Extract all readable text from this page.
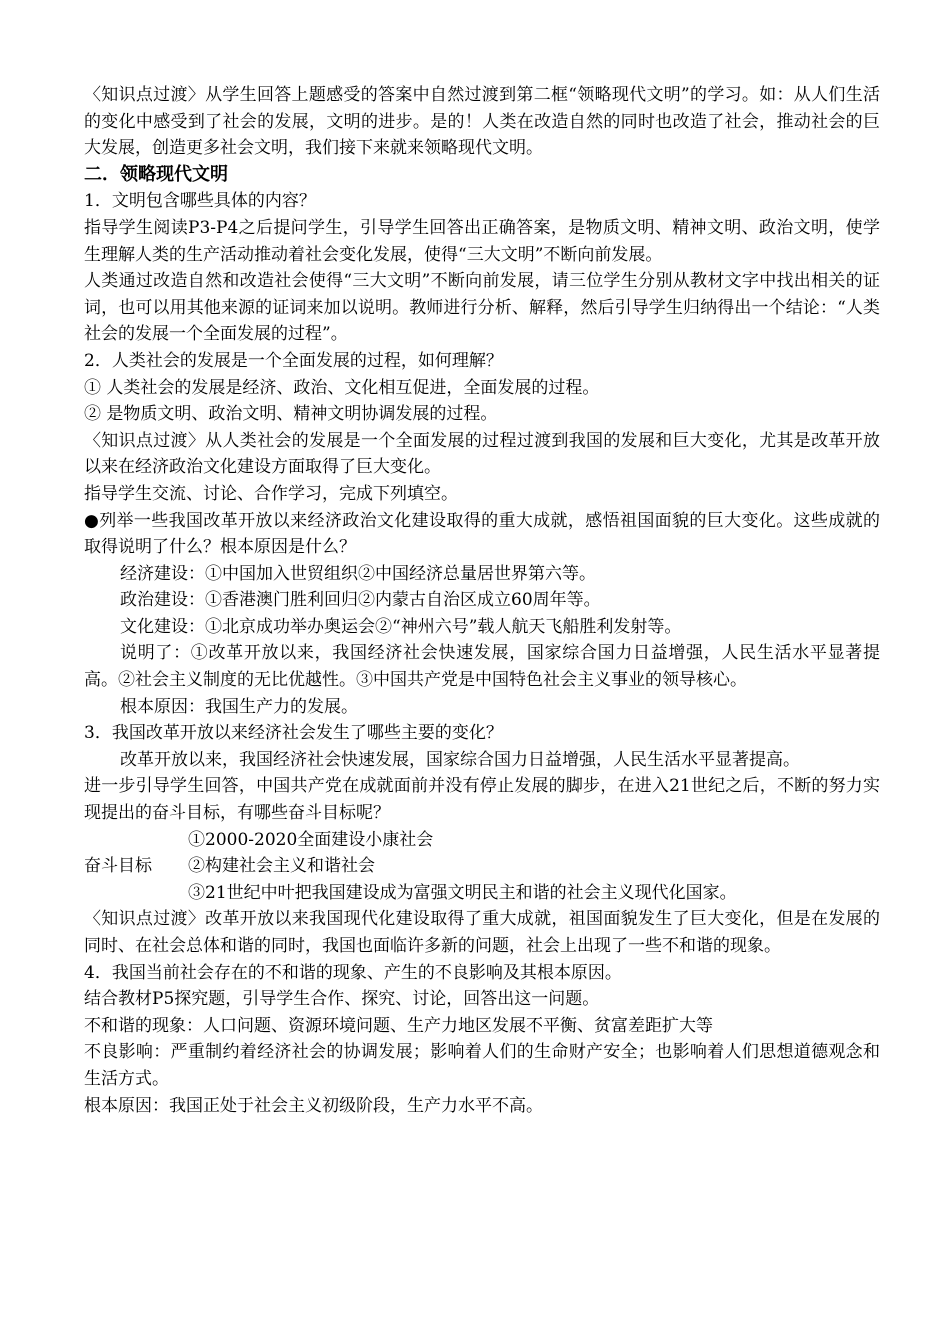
〈知识点过渡〉从学生回答上题感受的答案中自然过渡到第二框“领略现代文明”的学习。如：从人们生活的变化中感受到了社会的发展，文明的进步。是的！人类在改造自然的同时也改造了社会，推动社会的巨大发展，创造更多社会文明，我们接下来就来领略现代文明。

二．领略现代文明

1．文明包含哪些具体的内容？

指导学生阅读P3-P4之后提问学生，引导学生回答出正确答案，是物质文明、精神文明、政治文明，使学生理解人类的生产活动推动着社会变化发展，使得“三大文明”不断向前发展。

人类通过改造自然和改造社会使得“三大文明”不断向前发展，请三位学生分别从教材文字中找出相关的证词，也可以用其他来源的证词来加以说明。教师进行分析、解释，然后引导学生归纳得出一个结论：“人类社会的发展一个全面发展的过程”。

2．人类社会的发展是一个全面发展的过程，如何理解？

① 人类社会的发展是经济、政治、文化相互促进，全面发展的过程。

② 是物质文明、政治文明、精神文明协调发展的过程。

〈知识点过渡〉从人类社会的发展是一个全面发展的过程过渡到我国的发展和巨大变化，尤其是改革开放以来在经济政治文化建设方面取得了巨大变化。

指导学生交流、讨论、合作学习，完成下列填空。

●列举一些我国改革开放以来经济政治文化建设取得的重大成就，感悟祖国面貌的巨大变化。这些成就的取得说明了什么？根本原因是什么？

经济建设：①中国加入世贸组织②中国经济总量居世界第六等。

政治建设：①香港澳门胜利回归②内蒙古自治区成立60周年等。

文化建设：①北京成功举办奥运会②“神州六号”载人航天飞船胜利发射等。

说明了：①改革开放以来，我国经济社会快速发展，国家综合国力日益增强，人民生活水平显著提高。②社会主义制度的无比优越性。③中国共产党是中国特色社会主义事业的领导核心。

根本原因：我国生产力的发展。

3．我国改革开放以来经济社会发生了哪些主要的变化？

改革开放以来，我国经济社会快速发展，国家综合国力日益增强，人民生活水平显著提高。

进一步引导学生回答，中国共产党在成就面前并没有停止发展的脚步，在进入21世纪之后，不断的努力实现提出的奋斗目标，有哪些奋斗目标呢？

奋斗目标
①2000-2020全面建设小康社会
②构建社会主义和谐社会
③21世纪中叶把我国建设成为富强文明民主和谐的社会主义现代化国家。

〈知识点过渡〉改革开放以来我国现代化建设取得了重大成就，祖国面貌发生了巨大变化，但是在发展的同时、在社会总体和谐的同时，我国也面临许多新的问题，社会上出现了一些不和谐的现象。

4．我国当前社会存在的不和谐的现象、产生的不良影响及其根本原因。

结合教材P5探究题，引导学生合作、探究、讨论，回答出这一问题。

不和谐的现象：人口问题、资源环境问题、生产力地区发展不平衡、贫富差距扩大等

不良影响：严重制约着经济社会的协调发展；影响着人们的生命财产安全；也影响着人们思想道德观念和生活方式。

根本原因：我国正处于社会主义初级阶段，生产力水平不高。
